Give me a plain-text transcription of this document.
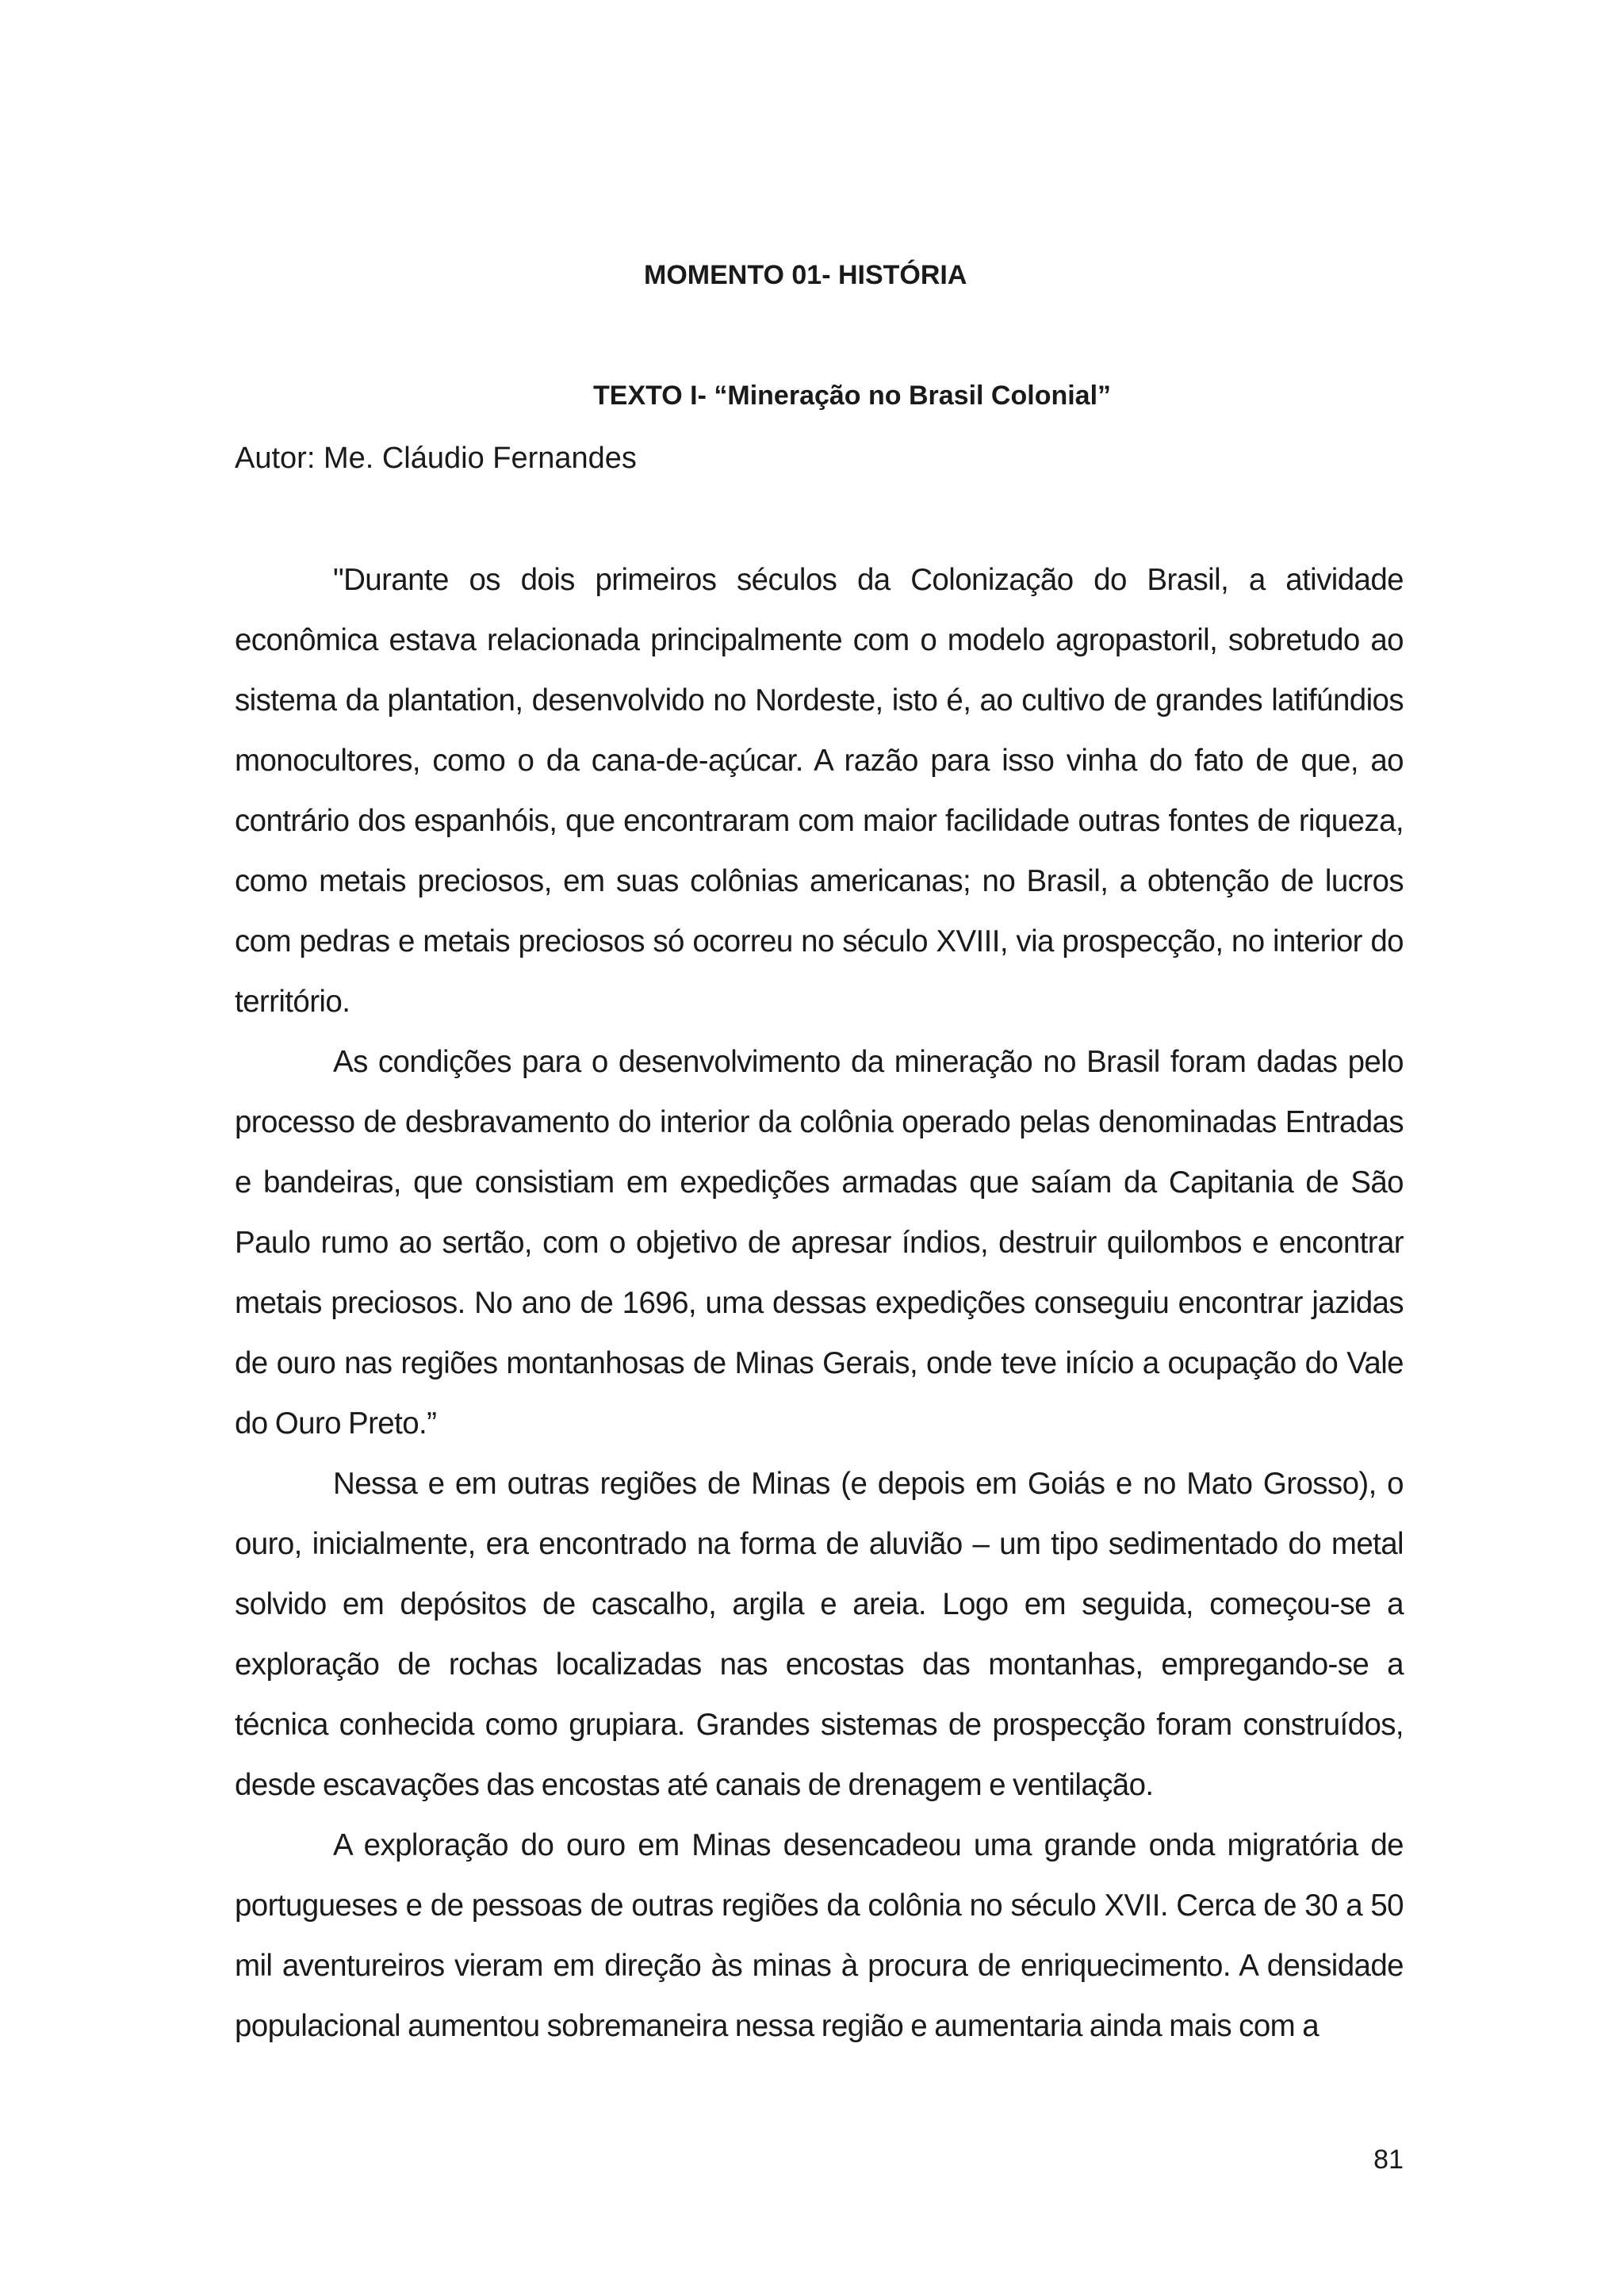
MOMENTO 01- HISTÓRIA
TEXTO I- “Mineração no Brasil Colonial”
Autor: Me. Cláudio Fernandes

"Durante os dois primeiros séculos da Colonização do Brasil, a atividade econômica estava relacionada principalmente com o modelo agropastoril, sobretudo ao sistema da plantation, desenvolvido no Nordeste, isto é, ao cultivo de grandes latifúndios monocultores, como o da cana-de-açúcar. A razão para isso vinha do fato de que, ao contrário dos espanhóis, que encontraram com maior facilidade outras fontes de riqueza, como metais preciosos, em suas colônias americanas; no Brasil, a obtenção de lucros com pedras e metais preciosos só ocorreu no século XVIII, via prospecção, no interior do território.

As condições para o desenvolvimento da mineração no Brasil foram dadas pelo processo de desbravamento do interior da colônia operado pelas denominadas Entradas e bandeiras, que consistiam em expedições armadas que saíam da Capitania de São Paulo rumo ao sertão, com o objetivo de apresar índios, destruir quilombos e encontrar metais preciosos. No ano de 1696, uma dessas expedições conseguiu encontrar jazidas de ouro nas regiões montanhosas de Minas Gerais, onde teve início a ocupação do Vale do Ouro Preto.”

Nessa e em outras regiões de Minas (e depois em Goiás e no Mato Grosso), o ouro, inicialmente, era encontrado na forma de aluvião – um tipo sedimentado do metal solvido em depósitos de cascalho, argila e areia. Logo em seguida, começou-se a exploração de rochas localizadas nas encostas das montanhas, empregando-se a técnica conhecida como grupiara. Grandes sistemas de prospecção foram construídos, desde escavações das encostas até canais de drenagem e ventilação.

A exploração do ouro em Minas desencadeou uma grande onda migratória de portugueses e de pessoas de outras regiões da colônia no século XVII. Cerca de 30 a 50 mil aventureiros vieram em direção às minas à procura de enriquecimento. A densidade populacional aumentou sobremaneira nessa região e aumentaria ainda mais com a

81
